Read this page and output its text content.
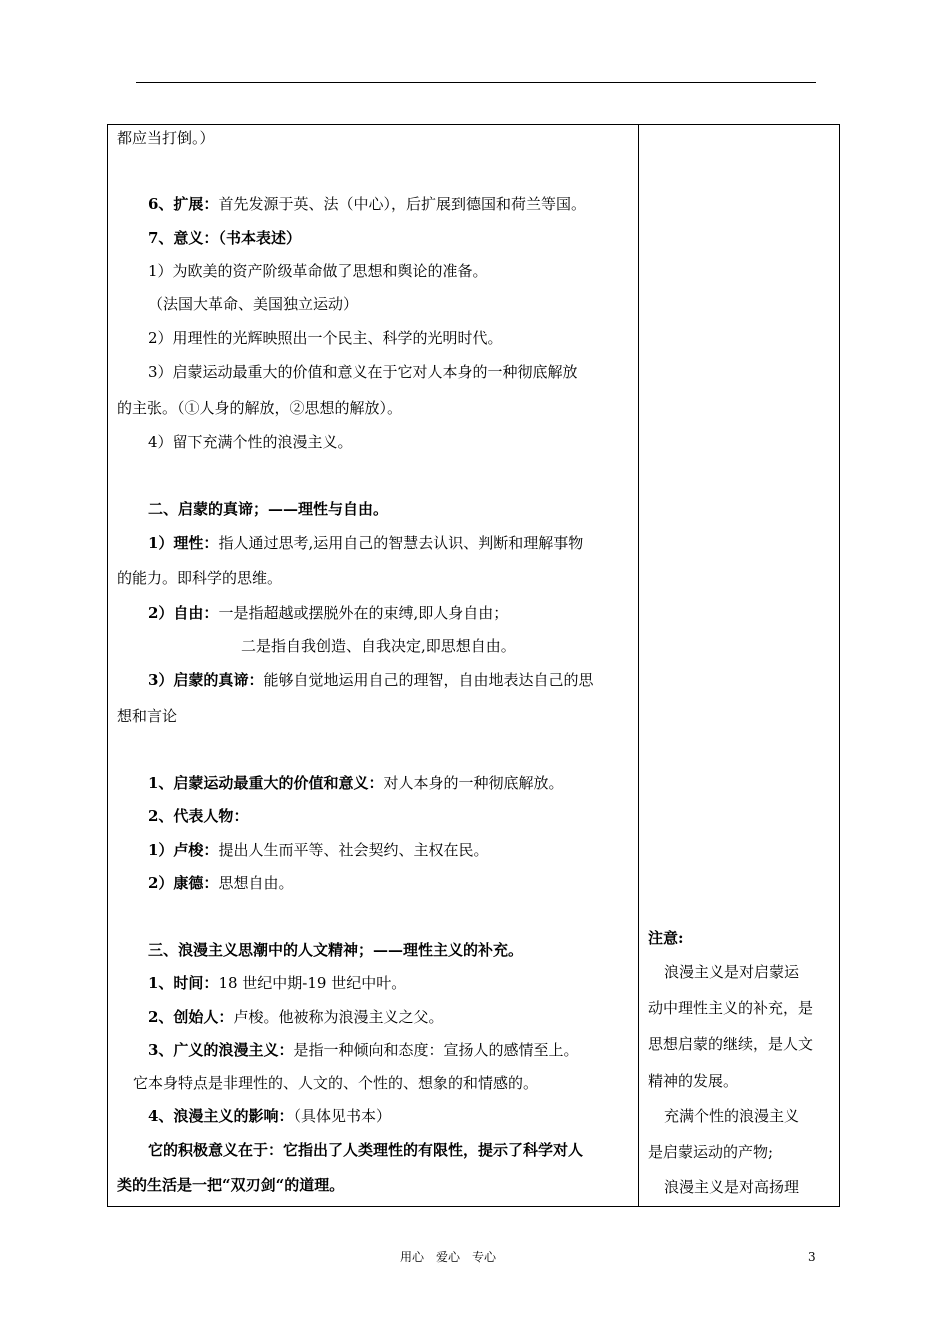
都应当打倒。）
6、扩展：首先发源于英、法（中心），后扩展到德国和荷兰等国。
7、意义：（书本表述）
1）为欧美的资产阶级革命做了思想和舆论的准备。
（法国大革命、美国独立运动）
2）用理性的光辉映照出一个民主、科学的光明时代。
3）启蒙运动最重大的价值和意义在于它对人本身的一种彻底解放
的主张。（①人身的解放，②思想的解放）。
4）留下充满个性的浪漫主义。
二、启蒙的真谛；——理性与自由。
1）理性：指人通过思考,运用自己的智慧去认识、判断和理解事物
的能力。即科学的思维。
2）自由：一是指超越或摆脱外在的束缚,即人身自由；
二是指自我创造、自我决定,即思想自由。
3）启蒙的真谛：能够自觉地运用自己的理智，自由地表达自己的思
想和言论
1、启蒙运动最重大的价值和意义：对人本身的一种彻底解放。
2、代表人物：
1）卢梭：提出人生而平等、社会契约、主权在民。
2）康德：思想自由。
三、浪漫主义思潮中的人文精神；——理性主义的补充。
1、时间：18 世纪中期-19 世纪中叶。
2、创始人：卢梭。他被称为浪漫主义之父。
3、广义的浪漫主义：是指一种倾向和态度：宣扬人的感情至上。
它本身特点是非理性的、人文的、个性的、想象的和情感的。
4、浪漫主义的影响：（具体见书本）
它的积极意义在于：它指出了人类理性的有限性，提示了科学对人
类的生活是一把“双刃剑“的道理。
注意:
浪漫主义是对启蒙运
动中理性主义的补充，是
思想启蒙的继续，是人文
精神的发展。
充满个性的浪漫主义
是启蒙运动的产物;
浪漫主义是对高扬理
用心　爱心　专心	3
